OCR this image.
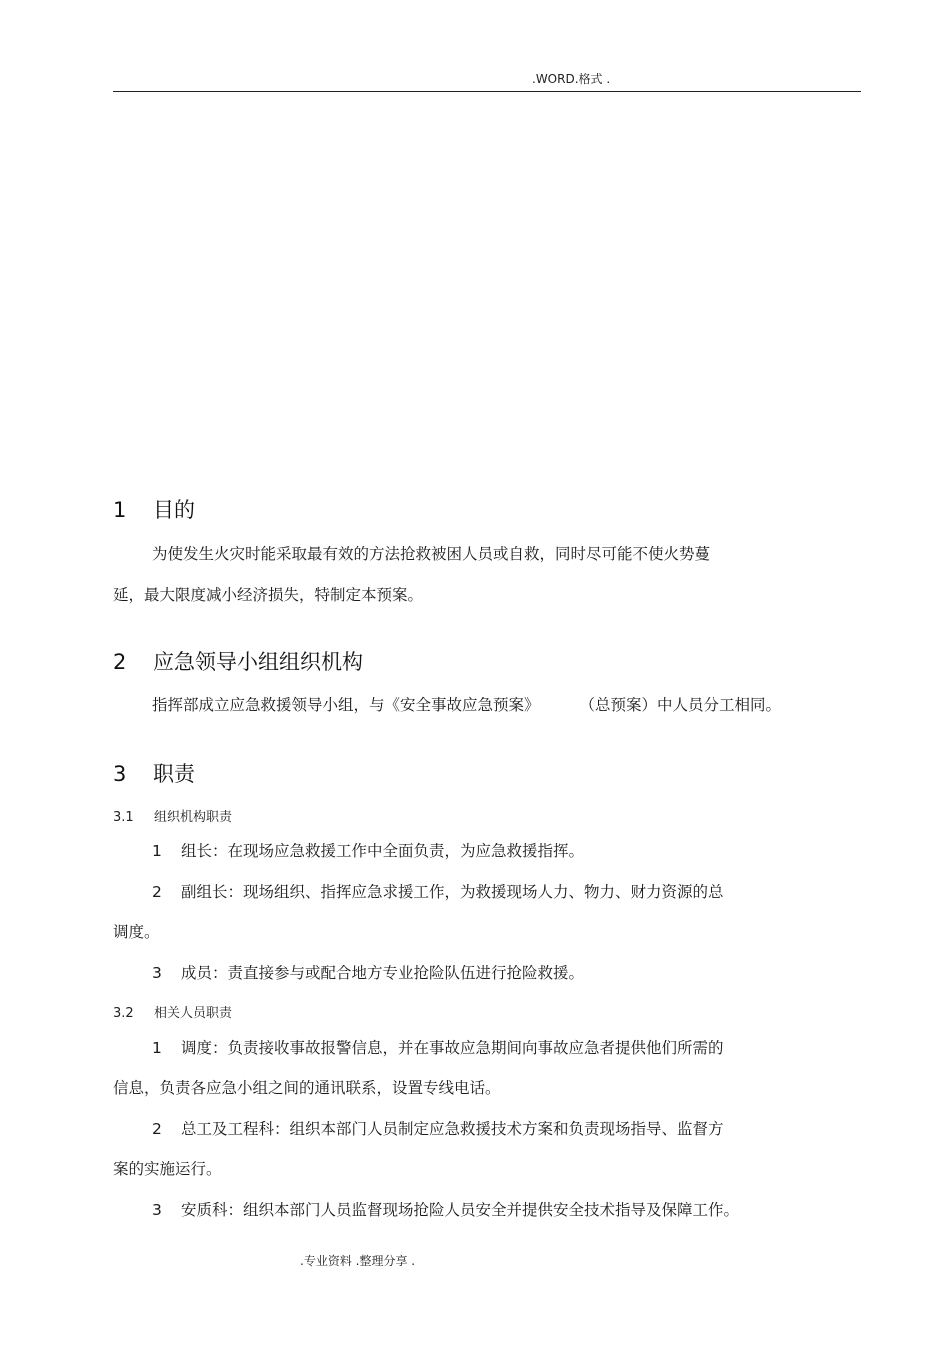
.WORD.格式 .
1 目的
为使发生火灾时能采取最有效的方法抢救被困人员或自救，同时尽可能不使火势蔓
延，最大限度减小经济损失，特制定本预案。
2 应急领导小组组织机构
指挥部成立应急救援领导小组，与《安全事故应急预案》	（总预案）中人员分工相同。
3 职责
3.1 组织机构职责
1 组长：在现场应急救援工作中全面负责，为应急救援指挥。
2 副组长：现场组织、指挥应急求援工作，为救援现场人力、物力、财力资源的总
调度。
3 成员：责直接参与或配合地方专业抢险队伍进行抢险救援。
3.2 相关人员职责
1 调度：负责接收事故报警信息，并在事故应急期间向事故应急者提供他们所需的
信息，负责各应急小组之间的通讯联系，设置专线电话。
2 总工及工程科：组织本部门人员制定应急救援技术方案和负责现场指导、监督方
案的实施运行。
3 安质科：组织本部门人员监督现场抢险人员安全并提供安全技术指导及保障工作。
.专业资料 .整理分享 .
